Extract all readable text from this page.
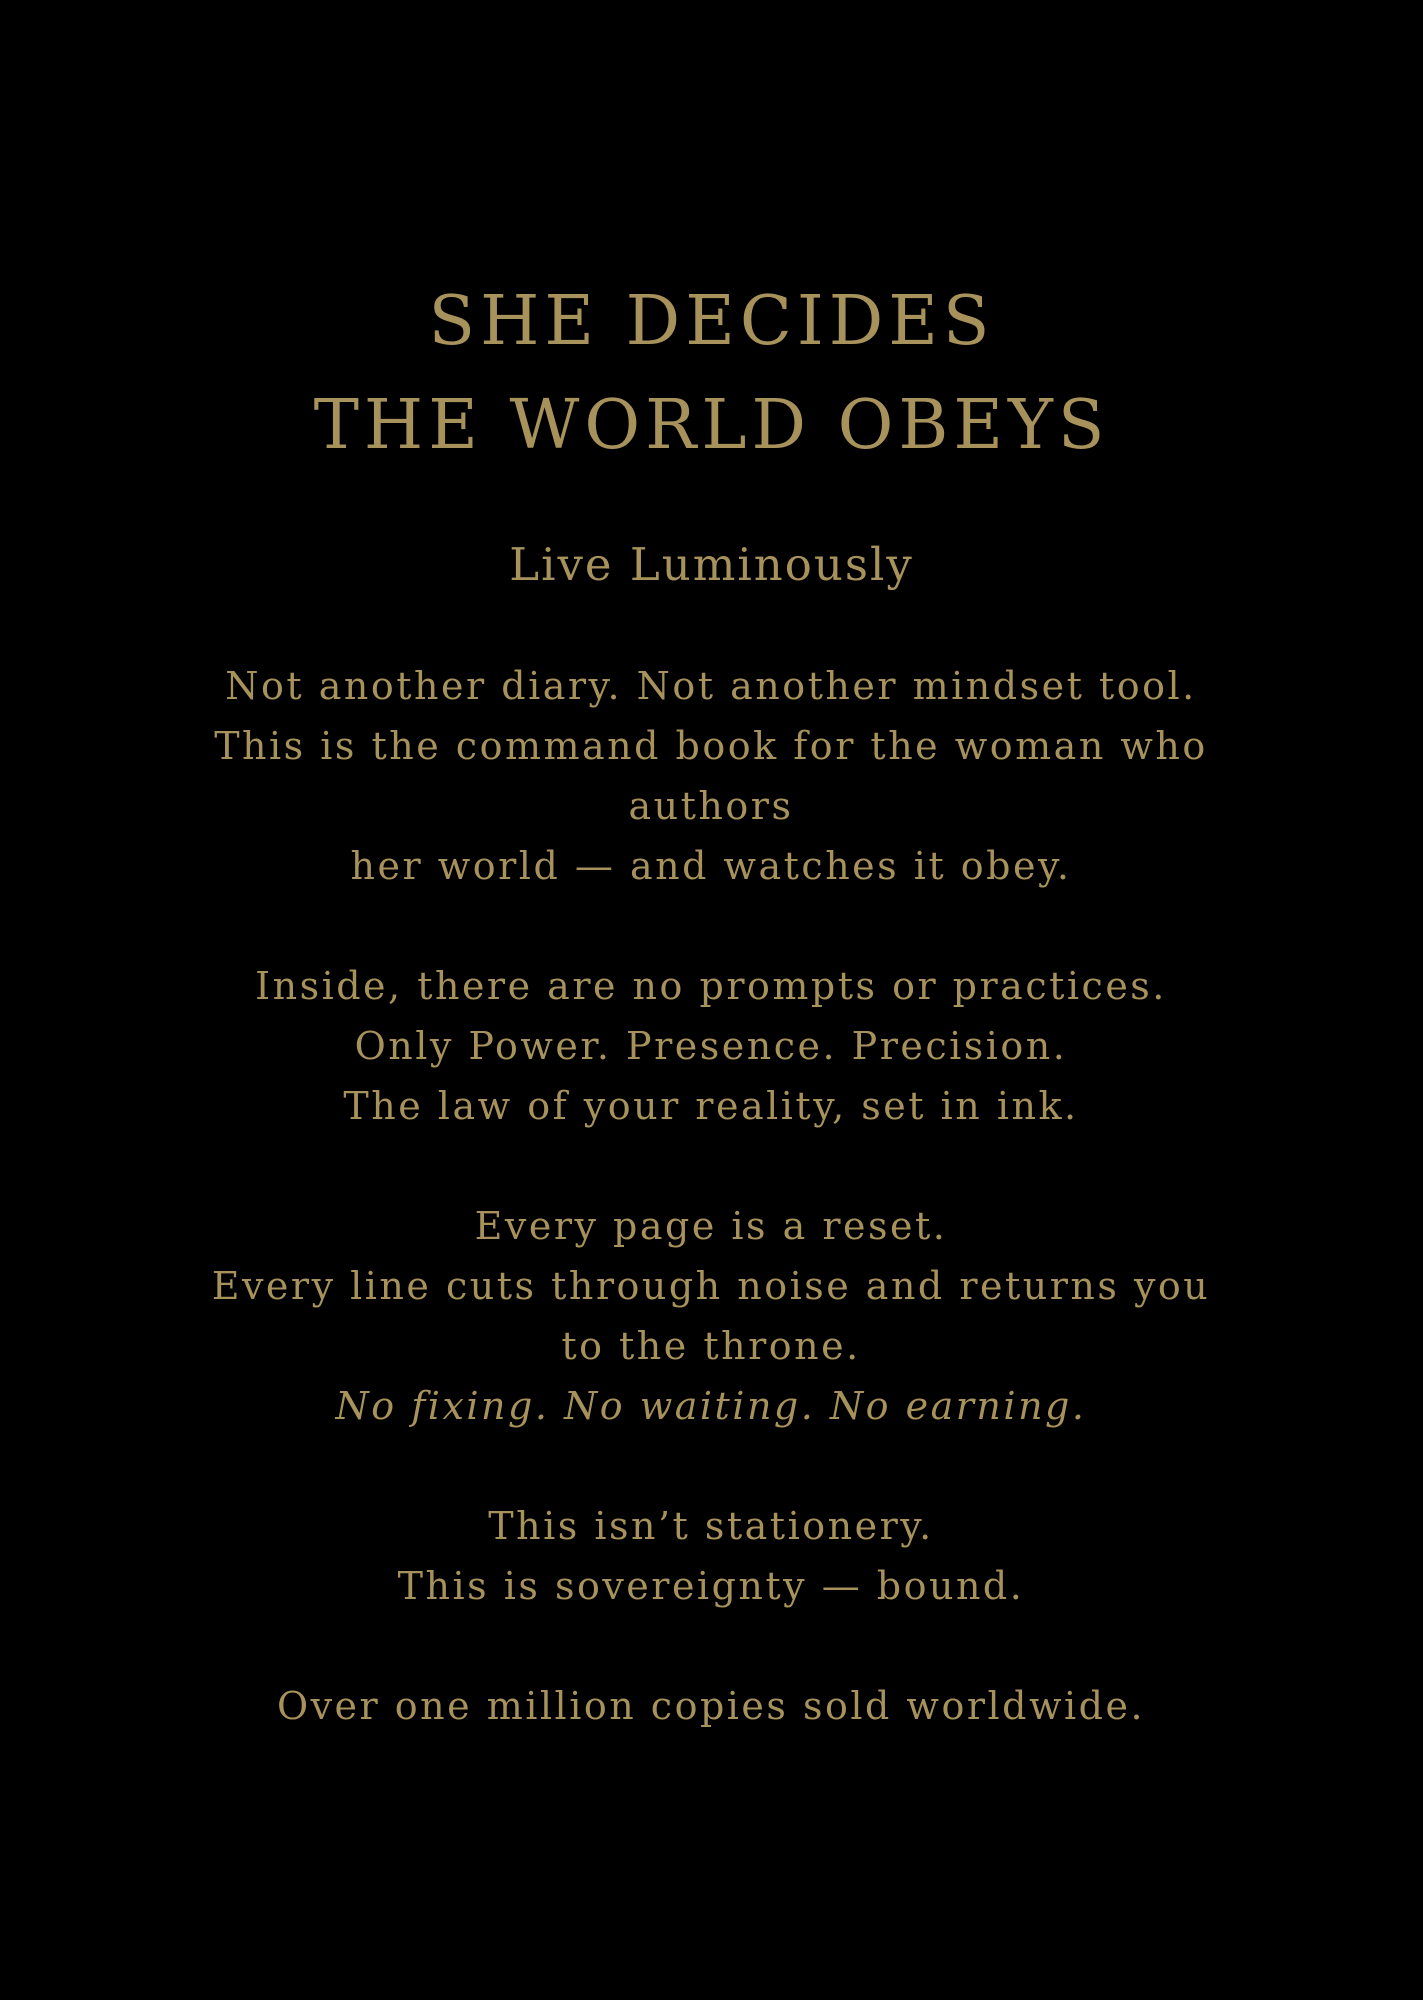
SHE DECIDES
THE WORLD OBEYS
Live Luminously

Not another diary. Not another mindset tool.
This is the command book for the woman who authors
her world — and watches it obey.

Inside, there are no prompts or practices.
Only Power. Presence. Precision.
The law of your reality, set in ink.

Every page is a reset.
Every line cuts through noise and returns you to the throne.
No fixing. No waiting. No earning.

This isn’t stationery.
This is sovereignty — bound.

Over one million copies sold worldwide.
